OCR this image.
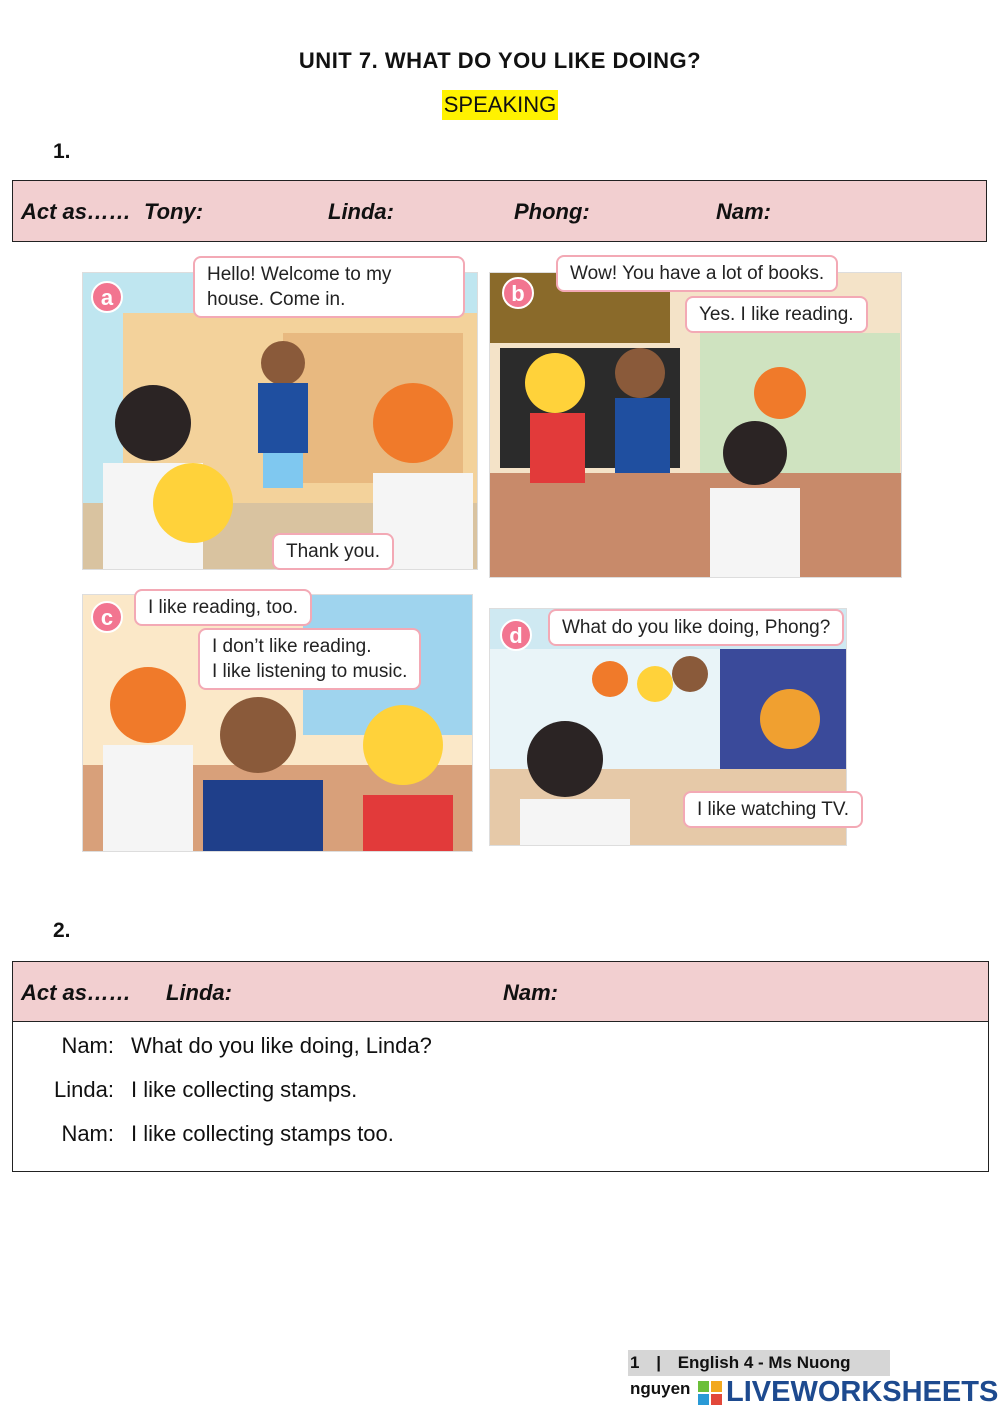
UNIT 7. WHAT DO YOU LIKE DOING?
SPEAKING
1.
Act as…… Tony:	Linda:	Phong:	Nam:
a
Hello! Welcome to my
house. Come in.
Thank you.
b
Wow! You have a lot of books.
Yes. I like reading.
c	I like reading, too.
I don’t like reading.
I like listening to music.
d	What do you like doing, Phong?
I like watching TV.
2.
Act as…… Linda:	Nam:
Nam: What do you like doing, Linda?
Linda: I like collecting stamps.
Nam: I like collecting stamps too.
1 | English 4 - Ms Nuong nguyen	LIVEWORKSHEETS
